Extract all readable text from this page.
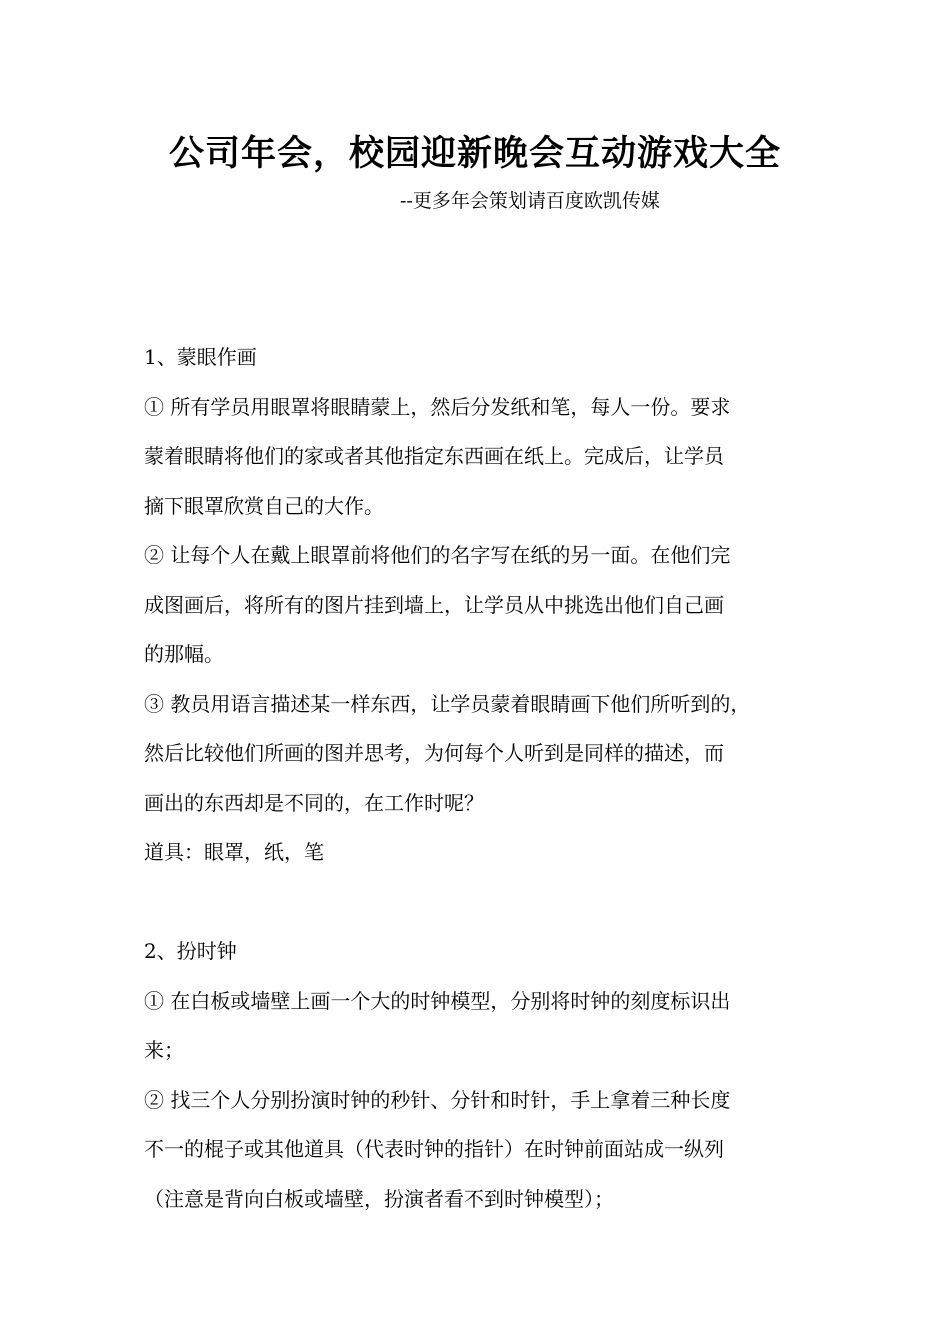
公司年会，校园迎新晚会互动游戏大全
--更多年会策划请百度欧凯传媒
1、蒙眼作画
① 所有学员用眼罩将眼睛蒙上，然后分发纸和笔，每人一份。要求
蒙着眼睛将他们的家或者其他指定东西画在纸上。完成后，让学员
摘下眼罩欣赏自己的大作。
② 让每个人在戴上眼罩前将他们的名字写在纸的另一面。在他们完
成图画后，将所有的图片挂到墙上，让学员从中挑选出他们自己画
的那幅。
③ 教员用语言描述某一样东西，让学员蒙着眼睛画下他们所听到的，
然后比较他们所画的图并思考，为何每个人听到是同样的描述，而
画出的东西却是不同的，在工作时呢？
道具：眼罩，纸，笔
2、扮时钟
① 在白板或墙壁上画一个大的时钟模型，分别将时钟的刻度标识出
来；
② 找三个人分别扮演时钟的秒针、分针和时针，手上拿着三种长度
不一的棍子或其他道具（代表时钟的指针）在时钟前面站成一纵列
（注意是背向白板或墙壁，扮演者看不到时钟模型）；
